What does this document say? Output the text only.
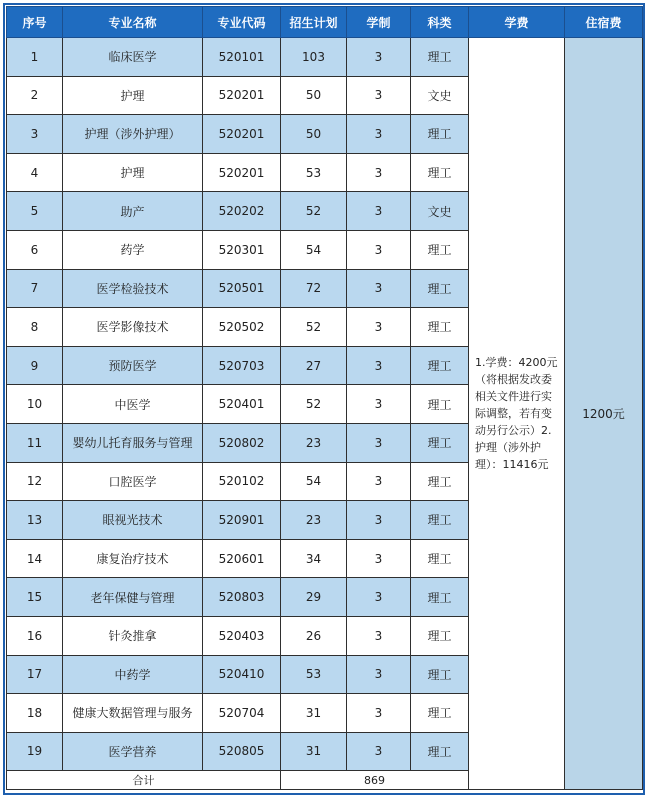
序号	专业名称	专业代码	招生计划	学制	科类	学费	住宿费
1	临床医学	520101	103	3	理工	1.学费：4200元（将根据发改委相关文件进行实际调整，若有变动另行公示）2.护理（涉外护理）：11416元	1200元
2	护理	520201	50	3	文史		
3	护理（涉外护理）	520201	50	3	理工		
4	护理	520201	53	3	理工		
5	助产	520202	52	3	文史		
6	药学	520301	54	3	理工		
7	医学检验技术	520501	72	3	理工		
8	医学影像技术	520502	52	3	理工		
9	预防医学	520703	27	3	理工		
10	中医学	520401	52	3	理工		
11	婴幼儿托育服务与管理	520802	23	3	理工		
12	口腔医学	520102	54	3	理工		
13	眼视光技术	520901	23	3	理工		
14	康复治疗技术	520601	34	3	理工		
15	老年保健与管理	520803	29	3	理工		
16	针灸推拿	520403	26	3	理工		
17	中药学	520410	53	3	理工		
18	健康大数据管理与服务	520704	31	3	理工		
19	医学营养	520805	31	3	理工		
合计			869				
